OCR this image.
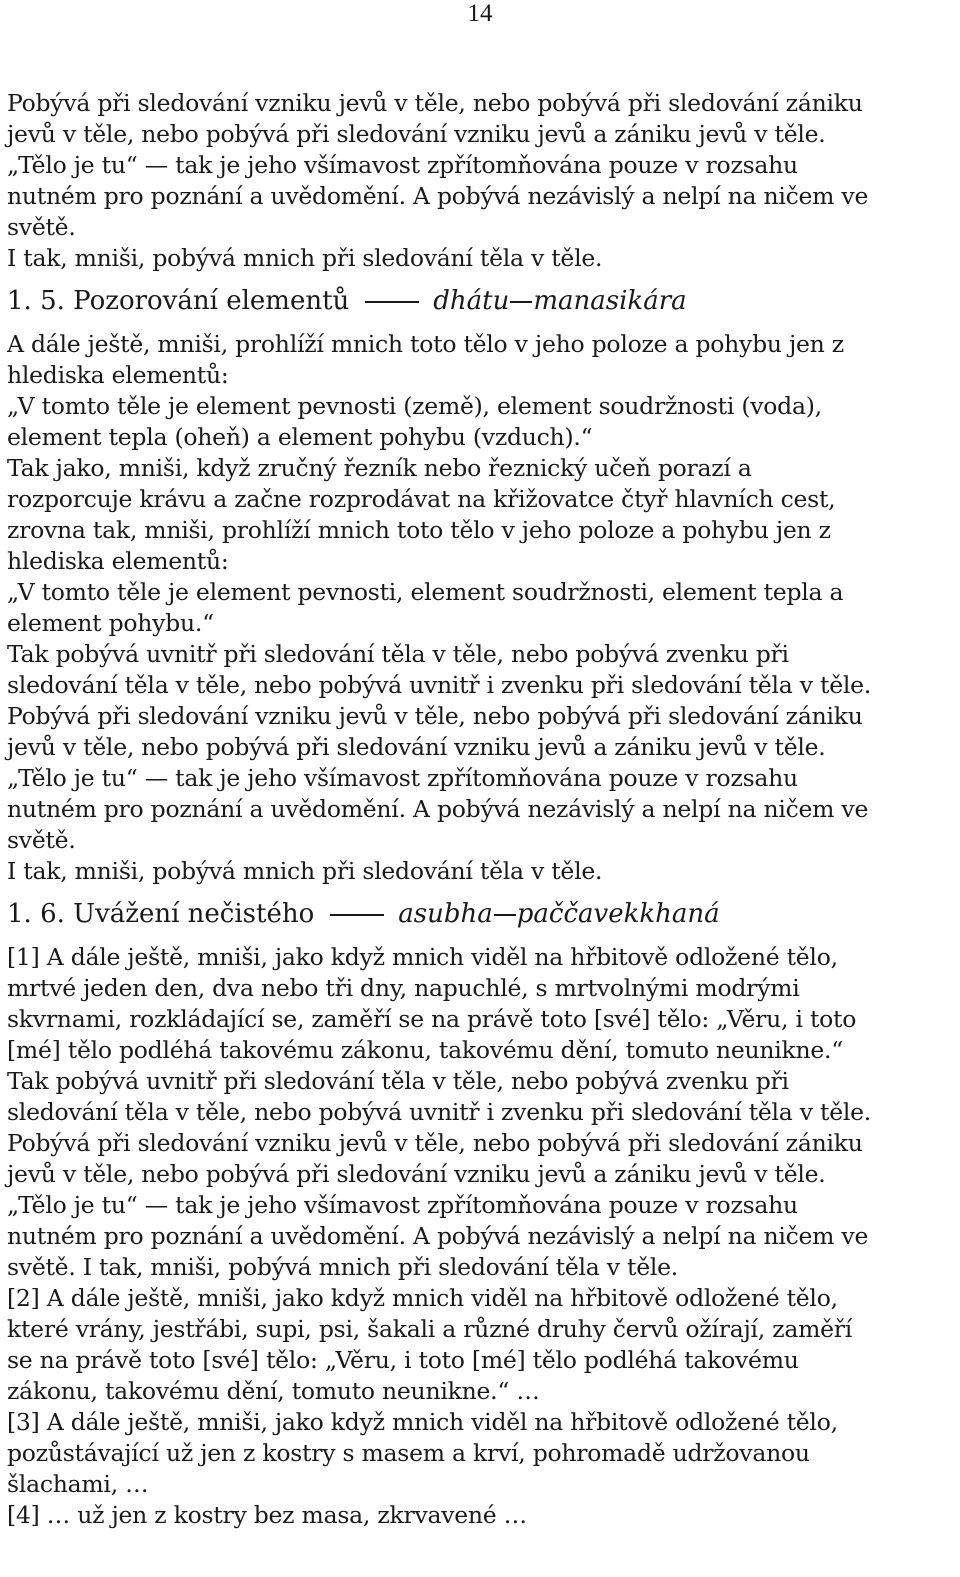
14
Pobývá při sledování vzniku jevů v těle, nebo pobývá při sledování zániku
jevů v těle, nebo pobývá při sledování vzniku jevů a zániku jevů v těle.
„Tělo je tu“ — tak je jeho všímavost zpřítomňována pouze v rozsahu
nutném pro poznání a uvědomění. A pobývá nezávislý a nelpí na ničem ve
světě.
I tak, mniši, pobývá mnich při sledování těla v těle.
1. 5. Pozorování elementů	dhátu manasikára
A dále ještě, mniši, prohlíží mnich toto tělo v jeho poloze a pohybu jen z
hlediska elementů:
„V tomto těle je element pevnosti (země), element soudržnosti (voda),
element tepla (oheň) a element pohybu (vzduch).“
Tak jako, mniši, když zručný řezník nebo řeznický učeň porazí a
rozporcuje krávu a začne rozprodávat na křižovatce čtyř hlavních cest,
zrovna tak, mniši, prohlíží mnich toto tělo v jeho poloze a pohybu jen z
hlediska elementů:
„V tomto těle je element pevnosti, element soudržnosti, element tepla a
element pohybu.“
Tak pobývá uvnitř při sledování těla v těle, nebo pobývá zvenku při
sledování těla v těle, nebo pobývá uvnitř i zvenku při sledování těla v těle.
Pobývá při sledování vzniku jevů v těle, nebo pobývá při sledování zániku
jevů v těle, nebo pobývá při sledování vzniku jevů a zániku jevů v těle.
„Tělo je tu“ — tak je jeho všímavost zpřítomňována pouze v rozsahu
nutném pro poznání a uvědomění. A pobývá nezávislý a nelpí na ničem ve
světě.
I tak, mniši, pobývá mnich při sledování těla v těle.
1. 6. Uvážení nečistého	asubha paččavekkhaná
[1] A dále ještě, mniši, jako když mnich viděl na hřbitově odložené tělo,
mrtvé jeden den, dva nebo tři dny, napuchlé, s mrtvolnými modrými
skvrnami, rozkládající se, zaměří se na právě toto [své] tělo: „Věru, i toto
[mé] tělo podléhá takovému zákonu, takovému dění, tomuto neunikne.“
Tak pobývá uvnitř při sledování těla v těle, nebo pobývá zvenku při
sledování těla v těle, nebo pobývá uvnitř i zvenku při sledování těla v těle.
Pobývá při sledování vzniku jevů v těle, nebo pobývá při sledování zániku
jevů v těle, nebo pobývá při sledování vzniku jevů a zániku jevů v těle.
„Tělo je tu“ — tak je jeho všímavost zpřítomňována pouze v rozsahu
nutném pro poznání a uvědomění. A pobývá nezávislý a nelpí na ničem ve
světě. I tak, mniši, pobývá mnich při sledování těla v těle.
[2] A dále ještě, mniši, jako když mnich viděl na hřbitově odložené tělo,
které vrány, jestřábi, supi, psi, šakali a různé druhy červů ožírají, zaměří
se na právě toto [své] tělo: „Věru, i toto [mé] tělo podléhá takovému
zákonu, takovému dění, tomuto neunikne.“ …
[3] A dále ještě, mniši, jako když mnich viděl na hřbitově odložené tělo,
pozůstávající už jen z kostry s masem a krví, pohromadě udržovanou
šlachami, …
[4] … už jen z kostry bez masa, zkrvavené …
